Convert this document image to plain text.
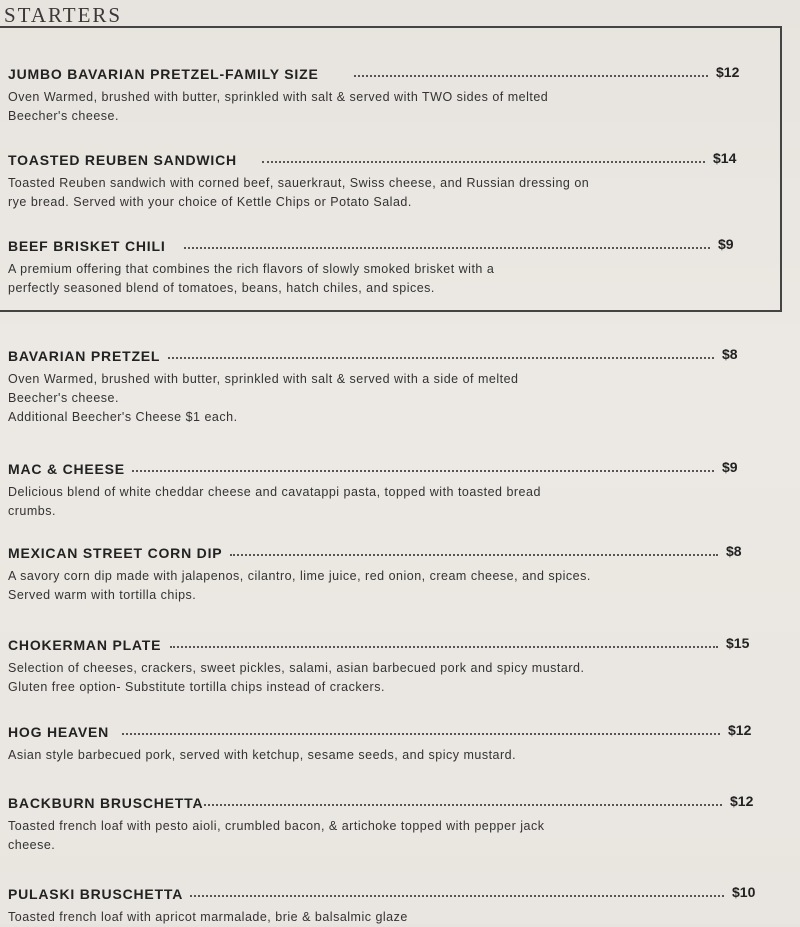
STARTERS
JUMBO BAVARIAN PRETZEL-FAMILY SIZE	$12
Oven Warmed, brushed with butter, sprinkled with salt & served with TWO sides of melted
Beecher's cheese.
TOASTED REUBEN SANDWICH	$14
Toasted Reuben sandwich with corned beef, sauerkraut, Swiss cheese, and Russian dressing on
rye bread. Served with your choice of Kettle Chips or Potato Salad.
BEEF BRISKET CHILI	$9
A premium offering that combines the rich flavors of slowly smoked brisket with a
perfectly seasoned blend of tomatoes, beans, hatch chiles, and spices.
BAVARIAN PRETZEL	$8
Oven Warmed, brushed with butter, sprinkled with salt & served with a side of melted
Beecher's cheese.
Additional Beecher's Cheese $1 each.
MAC & CHEESE	$9
Delicious blend of white cheddar cheese and cavatappi pasta, topped with toasted bread
crumbs.
MEXICAN STREET CORN DIP	$8
A savory corn dip made with jalapenos, cilantro, lime juice, red onion, cream cheese, and spices.
Served warm with tortilla chips.
CHOKERMAN PLATE	$15
Selection of cheeses, crackers, sweet pickles, salami, asian barbecued pork and spicy mustard.
Gluten free option- Substitute tortilla chips instead of crackers.
HOG HEAVEN	$12
Asian style barbecued pork, served with ketchup, sesame seeds, and spicy mustard.
BACKBURN BRUSCHETTA	$12
Toasted french loaf with pesto aioli, crumbled bacon, & artichoke topped with pepper jack
cheese.
PULASKI BRUSCHETTA	$10
Toasted french loaf with apricot marmalade, brie & balsalmic glaze
